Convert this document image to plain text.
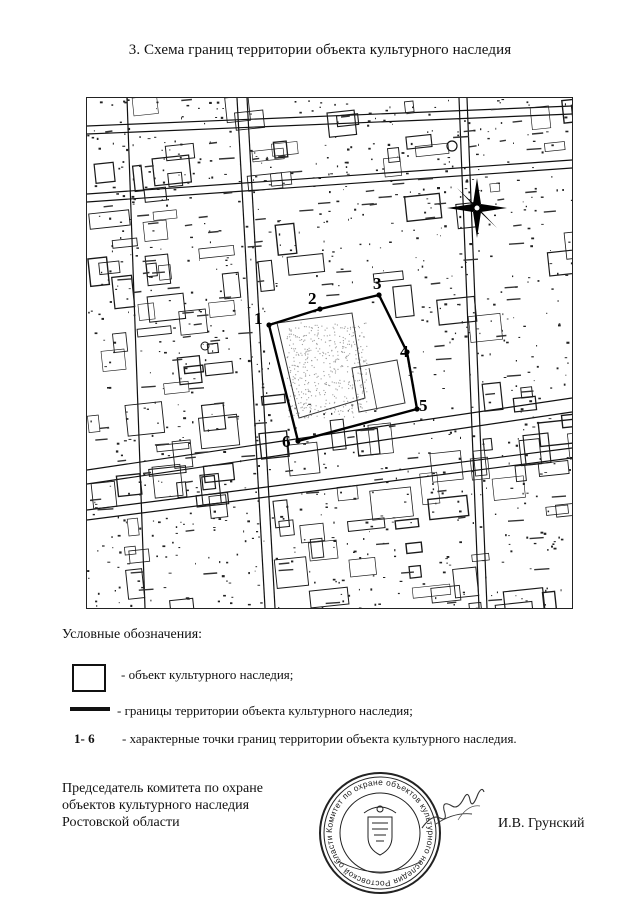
3. Схема границ территории объекта культурного наследия
1
2
3
4
5
6
Условные обозначения:
- объект культурного наследия;
- границы территории объекта культурного наследия;
1- 6 - характерные точки границ территории объекта культурного наследия.
Председатель комитета по охране
объектов культурного наследия
Ростовской области	И.В. Грунский
Комитет по охране объектов культурного наследия Ростовской области
